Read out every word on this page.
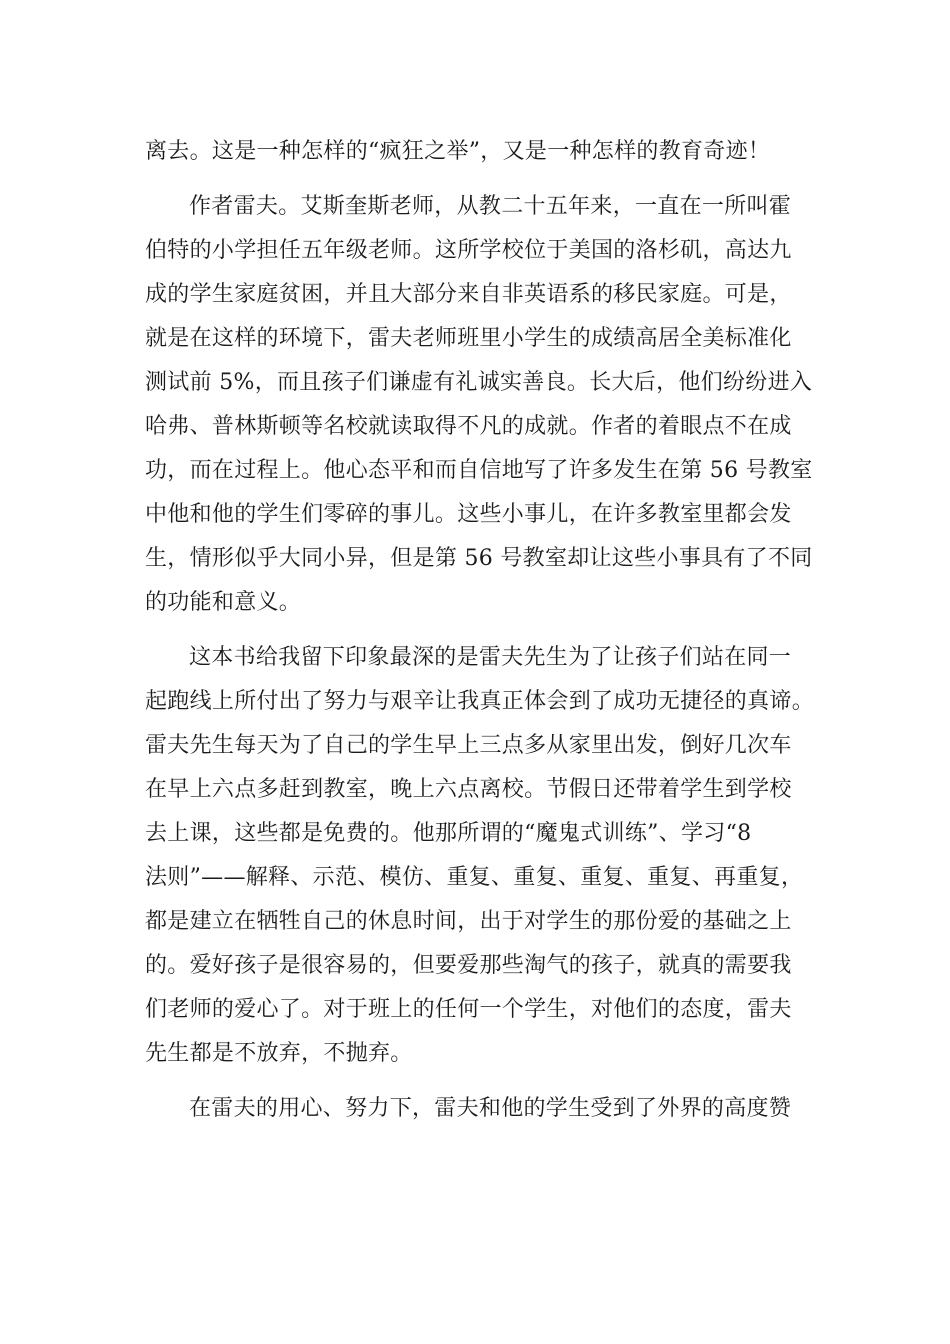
离去。这是一种怎样的“疯狂之举”，又是一种怎样的教育奇迹！
作者雷夫。艾斯奎斯老师，从教二十五年来，一直在一所叫霍
伯特的小学担任五年级老师。这所学校位于美国的洛杉矶，高达九
成的学生家庭贫困，并且大部分来自非英语系的移民家庭。可是，
就是在这样的环境下，雷夫老师班里小学生的成绩高居全美标准化
测试前 5%，而且孩子们谦虚有礼诚实善良。长大后，他们纷纷进入
哈弗、普林斯顿等名校就读取得不凡的成就。作者的着眼点不在成
功，而在过程上。他心态平和而自信地写了许多发生在第 56 号教室
中他和他的学生们零碎的事儿。这些小事儿，在许多教室里都会发
生，情形似乎大同小异，但是第 56 号教室却让这些小事具有了不同
的功能和意义。
这本书给我留下印象最深的是雷夫先生为了让孩子们站在同一
起跑线上所付出了努力与艰辛让我真正体会到了成功无捷径的真谛。
雷夫先生每天为了自己的学生早上三点多从家里出发，倒好几次车
在早上六点多赶到教室，晚上六点离校。节假日还带着学生到学校
去上课，这些都是免费的。他那所谓的“魔鬼式训练”、学习“8
法则”——解释、示范、模仿、重复、重复、重复、重复、再重复，
都是建立在牺牲自己的休息时间，出于对学生的那份爱的基础之上
的。爱好孩子是很容易的，但要爱那些淘气的孩子，就真的需要我
们老师的爱心了。对于班上的任何一个学生，对他们的态度，雷夫
先生都是不放弃，不抛弃。
在雷夫的用心、努力下，雷夫和他的学生受到了外界的高度赞
